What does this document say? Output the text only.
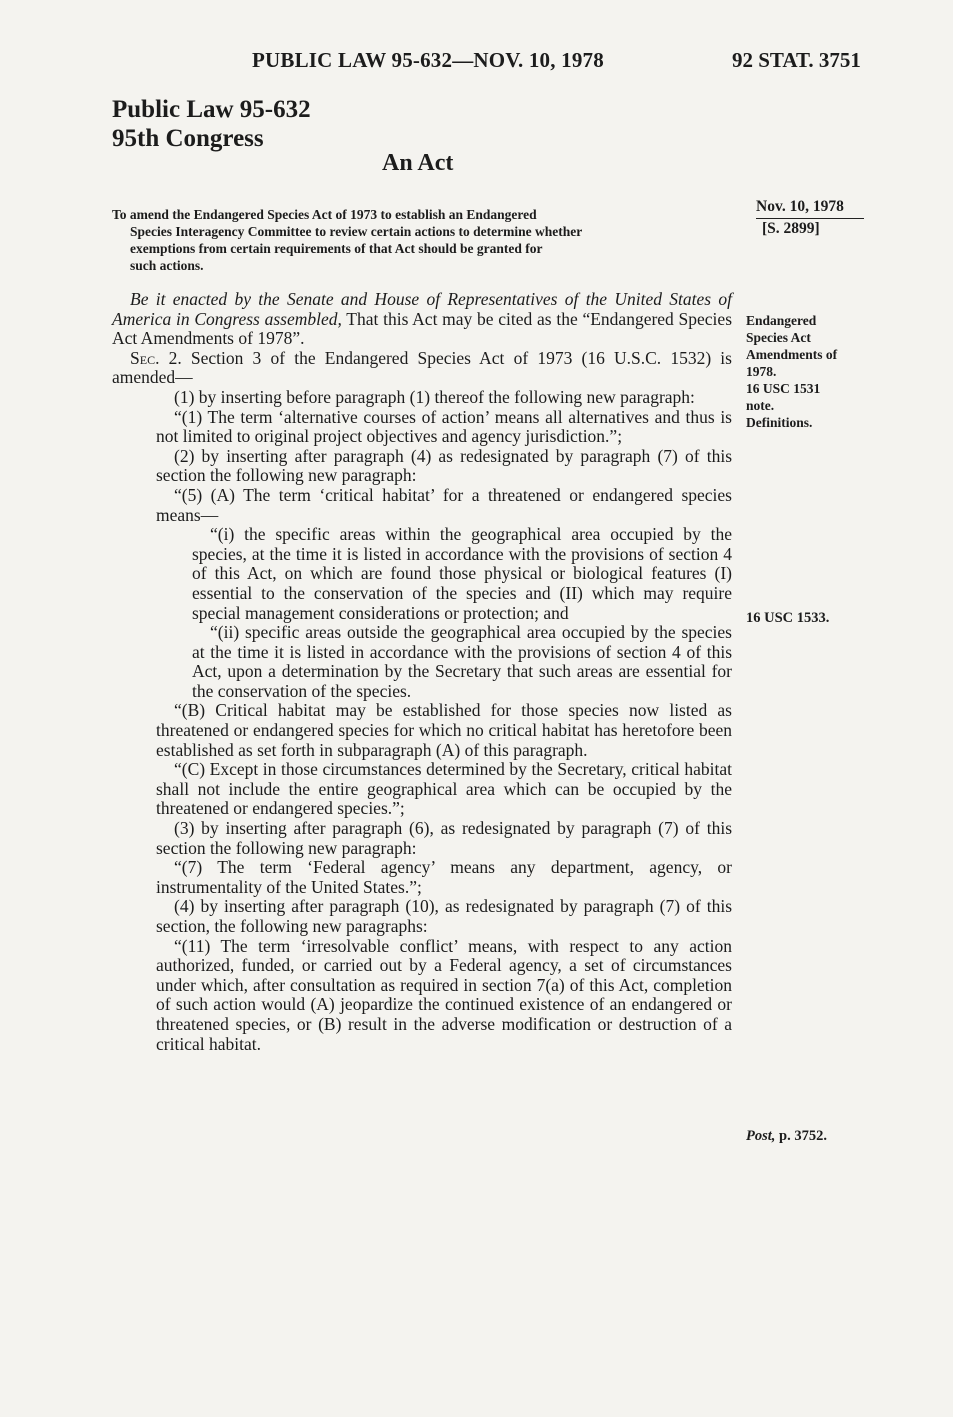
PUBLIC LAW 95-632—NOV. 10, 1978	92 STAT. 3751
Public Law 95-632
95th Congress
An Act
To amend the Endangered Species Act of 1973 to establish an Endangered
Species Interagency Committee to review certain actions to determine whether
exemptions from certain requirements of that Act should be granted for
such actions.
Nov. 10, 1978
[S. 2899]
Endangered
Species Act
Amendments of
1978.
16 USC 1531
note.
Definitions.
16 USC 1533.
Post, p. 3752.

Be it enacted by the Senate and House of Representatives of the United States of America in Congress assembled, That this Act may be cited as the “Endangered Species Act Amendments of 1978”.

Sec. 2. Section 3 of the Endangered Species Act of 1973 (16 U.S.C. 1532) is amended—

(1) by inserting before paragraph (1) thereof the following new paragraph:

“(1) The term ‘alternative courses of action’ means all alternatives and thus is not limited to original project objectives and agency jurisdiction.”;

(2) by inserting after paragraph (4) as redesignated by paragraph (7) of this section the following new paragraph:

“(5) (A) The term ‘critical habitat’ for a threatened or endangered species means—

“(i) the specific areas within the geographical area occupied by the species, at the time it is listed in accordance with the provisions of section 4 of this Act, on which are found those physical or biological features (I) essential to the conservation of the species and (II) which may require special management considerations or protection; and

“(ii) specific areas outside the geographical area occupied by the species at the time it is listed in accordance with the provisions of section 4 of this Act, upon a determination by the Secretary that such areas are essential for the conservation of the species.

“(B) Critical habitat may be established for those species now listed as threatened or endangered species for which no critical habitat has heretofore been established as set forth in subparagraph (A) of this paragraph.

“(C) Except in those circumstances determined by the Secretary, critical habitat shall not include the entire geographical area which can be occupied by the threatened or endangered species.”;

(3) by inserting after paragraph (6), as redesignated by paragraph (7) of this section the following new paragraph:

“(7) The term ‘Federal agency’ means any department, agency, or instrumentality of the United States.”;

(4) by inserting after paragraph (10), as redesignated by paragraph (7) of this section, the following new paragraphs:

“(11) The term ‘irresolvable conflict’ means, with respect to any action authorized, funded, or carried out by a Federal agency, a set of circumstances under which, after consultation as required in section 7(a) of this Act, completion of such action would (A) jeopardize the continued existence of an endangered or threatened species, or (B) result in the adverse modification or destruction of a critical habitat.
